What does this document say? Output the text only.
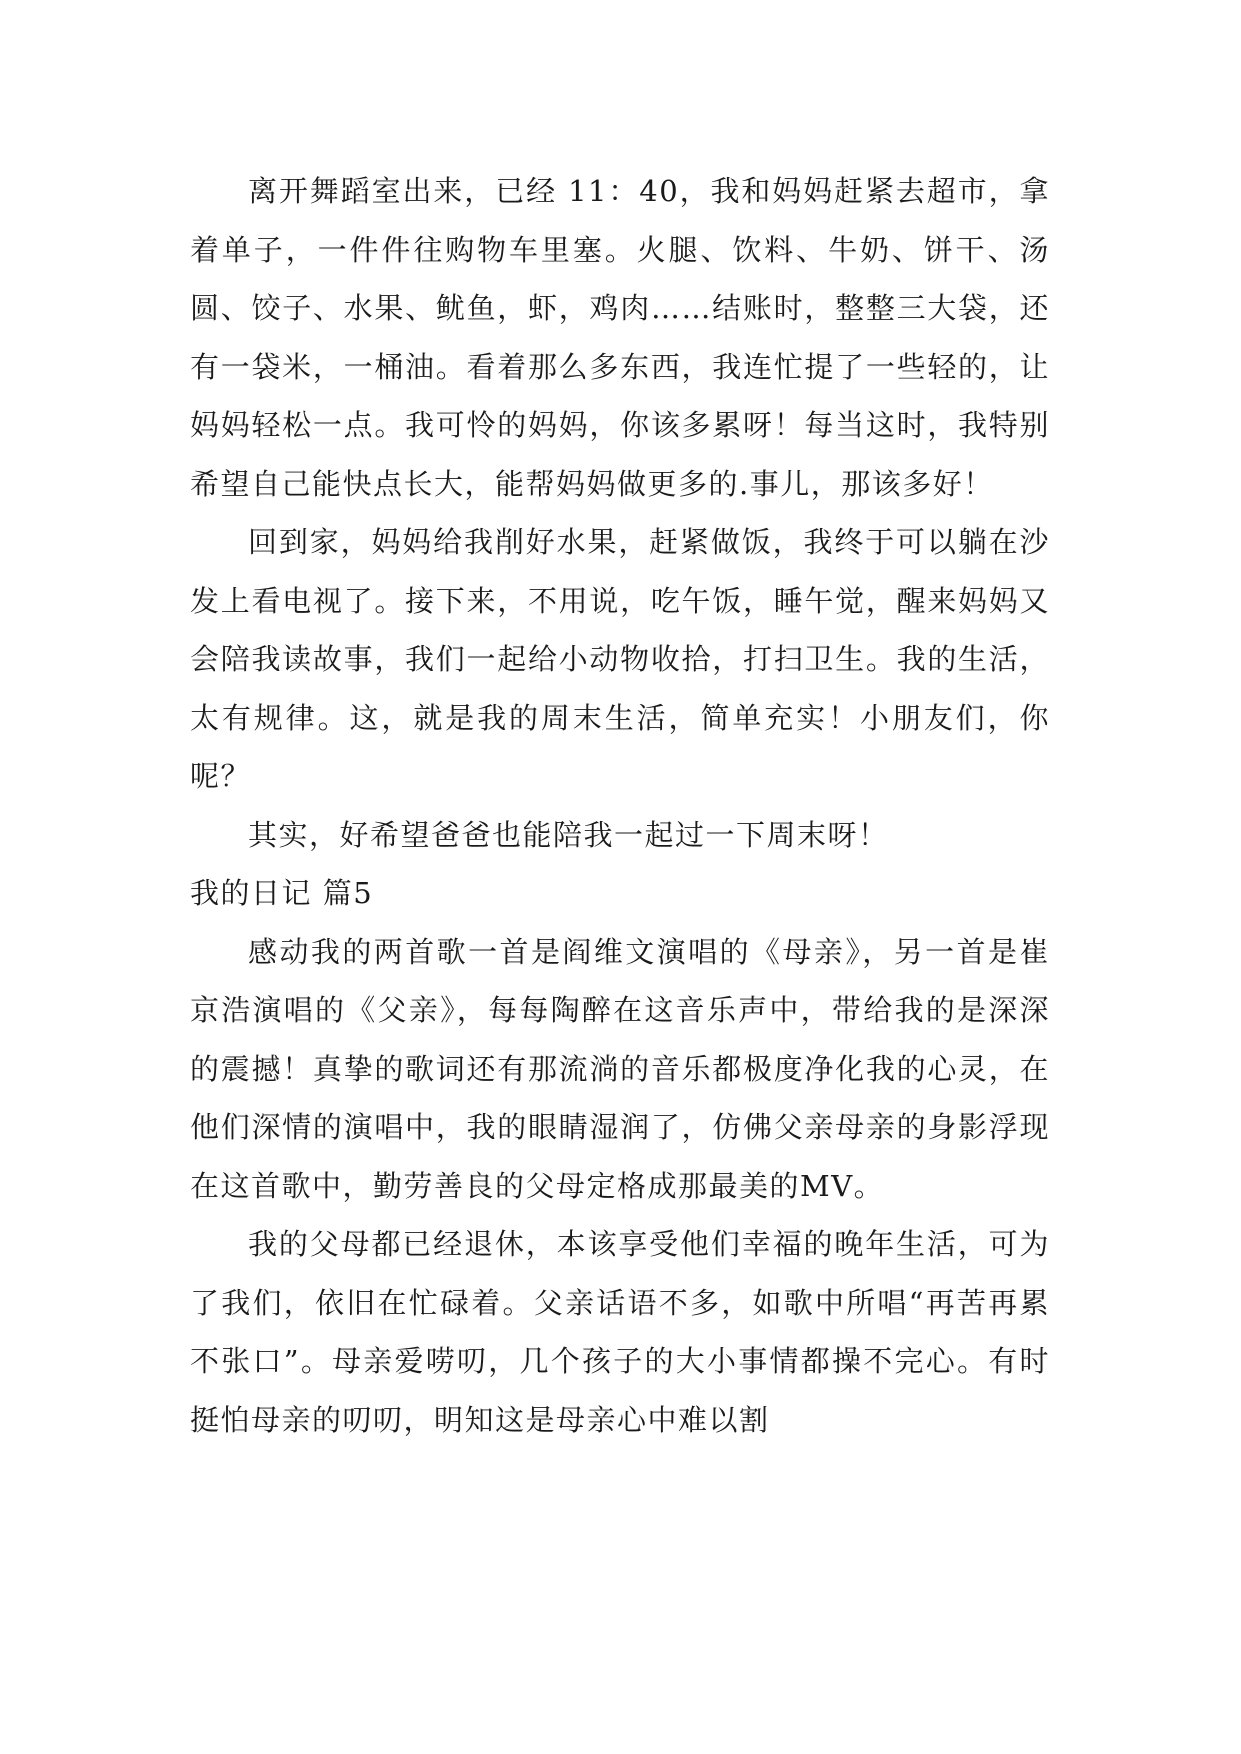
离开舞蹈室出来，已经 11：40，我和妈妈赶紧去超市，拿着单子，一件件往购物车里塞。火腿、饮料、牛奶、饼干、汤圆、饺子、水果、鱿鱼，虾，鸡肉……结账时，整整三大袋，还有一袋米，一桶油。看着那么多东西，我连忙提了一些轻的，让妈妈轻松一点。我可怜的妈妈，你该多累呀！每当这时，我特别希望自己能快点长大，能帮妈妈做更多的.事儿，那该多好！

回到家，妈妈给我削好水果，赶紧做饭，我终于可以躺在沙发上看电视了。接下来，不用说，吃午饭，睡午觉，醒来妈妈又会陪我读故事，我们一起给小动物收拾，打扫卫生。我的生活，太有规律。这，就是我的周末生活，简单充实！小朋友们，你呢？

其实，好希望爸爸也能陪我一起过一下周末呀！

我的日记 篇5

感动我的两首歌一首是阎维文演唱的《母亲》，另一首是崔京浩演唱的《父亲》，每每陶醉在这音乐声中，带给我的是深深的震撼！真挚的歌词还有那流淌的音乐都极度净化我的心灵，在他们深情的演唱中，我的眼睛湿润了，仿佛父亲母亲的身影浮现在这首歌中，勤劳善良的父母定格成那最美的MV。

我的父母都已经退休，本该享受他们幸福的晚年生活，可为了我们，依旧在忙碌着。父亲话语不多，如歌中所唱“再苦再累不张口”。母亲爱唠叨，几个孩子的大小事情都操不完心。有时挺怕母亲的叨叨，明知这是母亲心中难以割
